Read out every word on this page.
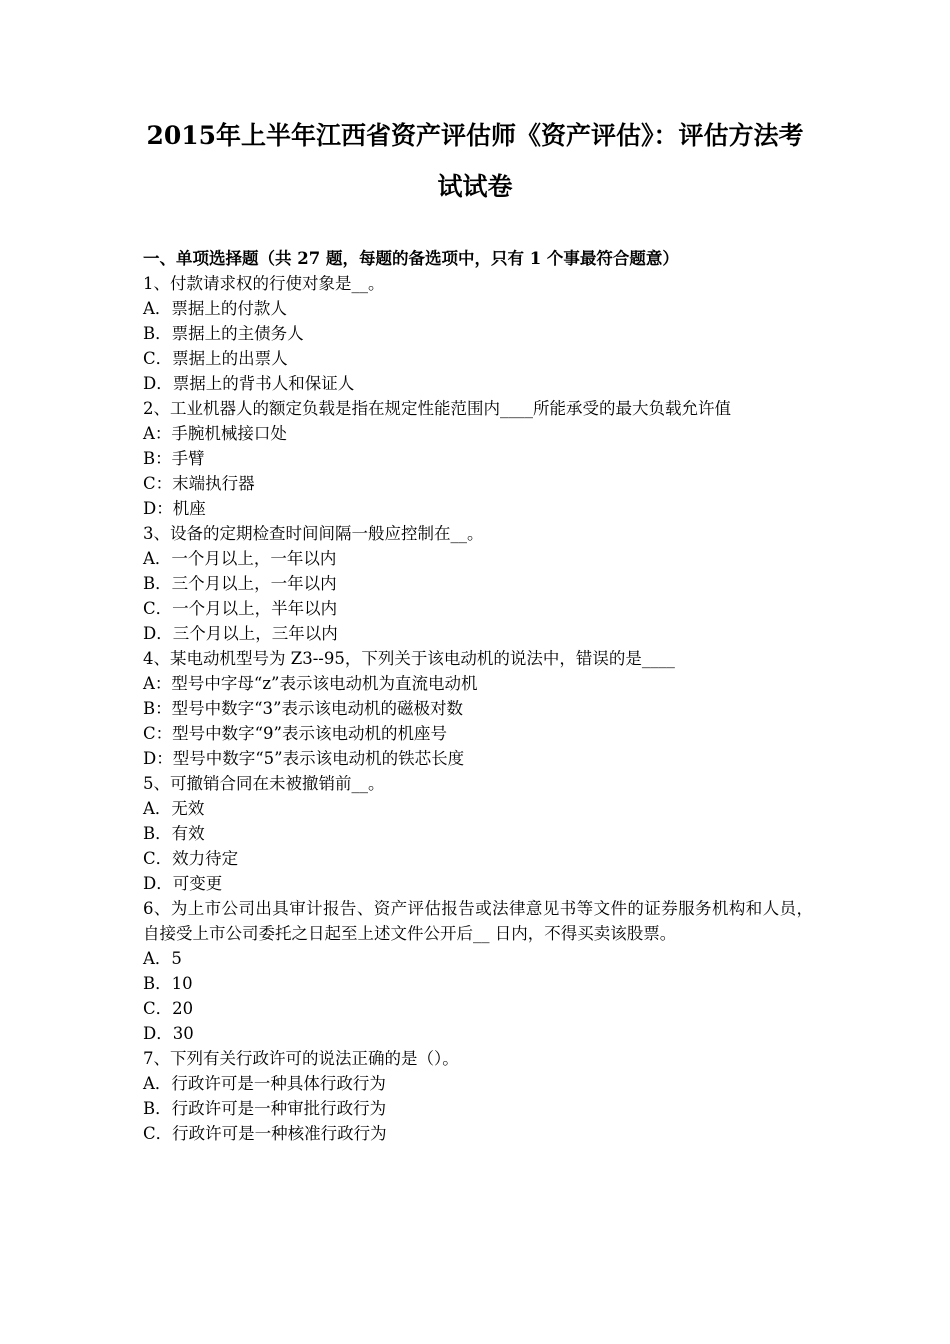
2015年上半年江西省资产评估师《资产评估》：评估方法考
试试卷
一、单项选择题（共 27 题，每题的备选项中，只有 1 个事最符合题意）
1、付款请求权的行使对象是__。
A．票据上的付款人
B．票据上的主债务人
C．票据上的出票人
D．票据上的背书人和保证人
2、工业机器人的额定负载是指在规定性能范围内____所能承受的最大负载允许值
A：手腕机械接口处
B：手臂
C：末端执行器
D：机座
3、设备的定期检查时间间隔一般应控制在__。
A．一个月以上，一年以内
B．三个月以上，一年以内
C．一个月以上，半年以内
D．三个月以上，三年以内
4、某电动机型号为 Z3--95，下列关于该电动机的说法中，错误的是____
A：型号中字母“z”表示该电动机为直流电动机
B：型号中数字“3”表示该电动机的磁极对数
C：型号中数字“9”表示该电动机的机座号
D：型号中数字“5”表示该电动机的铁芯长度
5、可撤销合同在未被撤销前__。
A．无效
B．有效
C．效力待定
D．可变更
6、为上市公司出具审计报告、资产评估报告或法律意见书等文件的证券服务机构和人员，自接受上市公司委托之日起至上述文件公开后__ 日内，不得买卖该股票。
A．5
B．10
C．20
D．30
7、下列有关行政许可的说法正确的是（）。
A．行政许可是一种具体行政行为
B．行政许可是一种审批行政行为
C．行政许可是一种核准行政行为
